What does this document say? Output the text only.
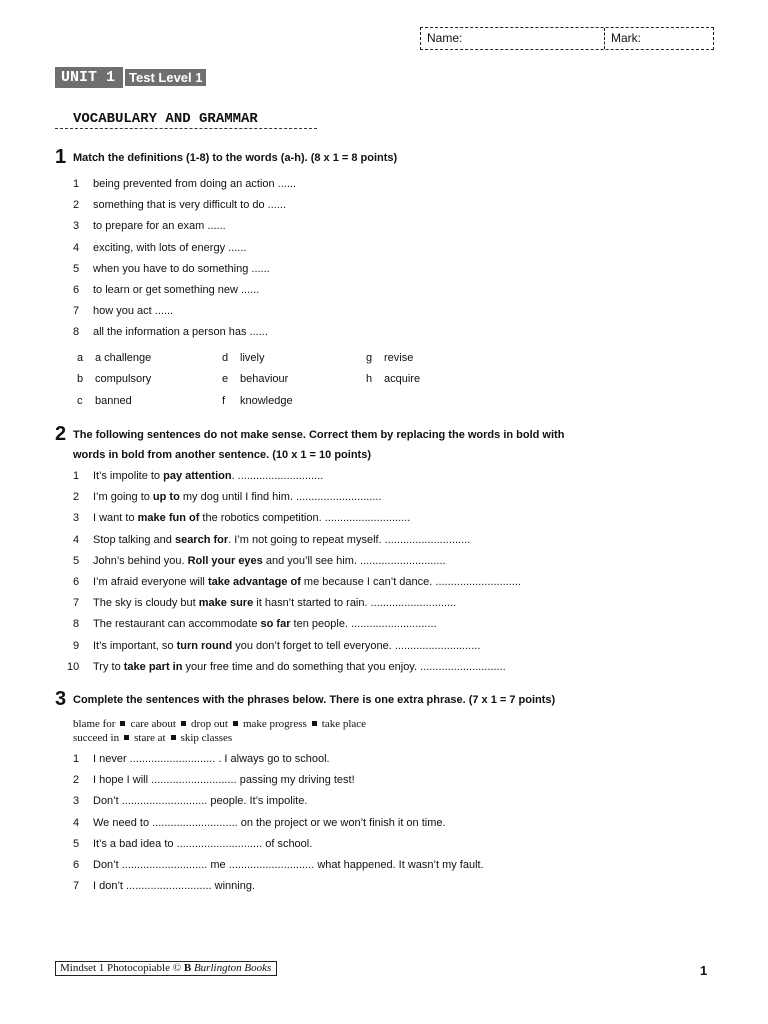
Name:	Mark:
UNIT 1	Test Level 1
VOCABULARY AND GRAMMAR
1 Match the definitions (1-8) to the words (a-h). (8 x 1 = 8 points)
1 being prevented from doing an action ......
2 something that is very difficult to do ......
3 to prepare for an exam ......
4 exciting, with lots of energy ......
5 when you have to do something ......
6 to learn or get something new ......
7 how you act ......
8 all the information a person has ......
a a challenge
b compulsory
c banned
d lively
e behaviour
f knowledge
g revise
h acquire
2 The following sentences do not make sense. Correct them by replacing the words in bold with
words in bold from another sentence. (10 x 1 = 10 points)
1 It’s impolite to pay attention. ............................
2 I’m going to up to my dog until I find him. ............................
3 I want to make fun of the robotics competition. ............................
4 Stop talking and search for. I’m not going to repeat myself. ............................
5 John’s behind you. Roll your eyes and you’ll see him. ............................
6 I’m afraid everyone will take advantage of me because I can’t dance. ............................
7 The sky is cloudy but make sure it hasn’t started to rain. ............................
8 The restaurant can accommodate so far ten people. ............................
9 It’s important, so turn round you don’t forget to tell everyone. ............................
10 Try to take part in your free time and do something that you enjoy. ............................
3 Complete the sentences with the phrases below. There is one extra phrase. (7 x 1 = 7 points)
blame for care about drop out make progress take place
succeed in stare at skip classes
1 I never ............................ . I always go to school.
2 I hope I will ............................ passing my driving test!
3 Don’t ............................ people. It’s impolite.
4 We need to ............................ on the project or we won’t finish it on time.
5 It’s a bad idea to ............................ of school.
6 Don’t ............................ me ............................ what happened. It wasn’t my fault.
7 I don’t ............................ winning.
Mindset 1 Photocopiable © B Burlington Books	1
